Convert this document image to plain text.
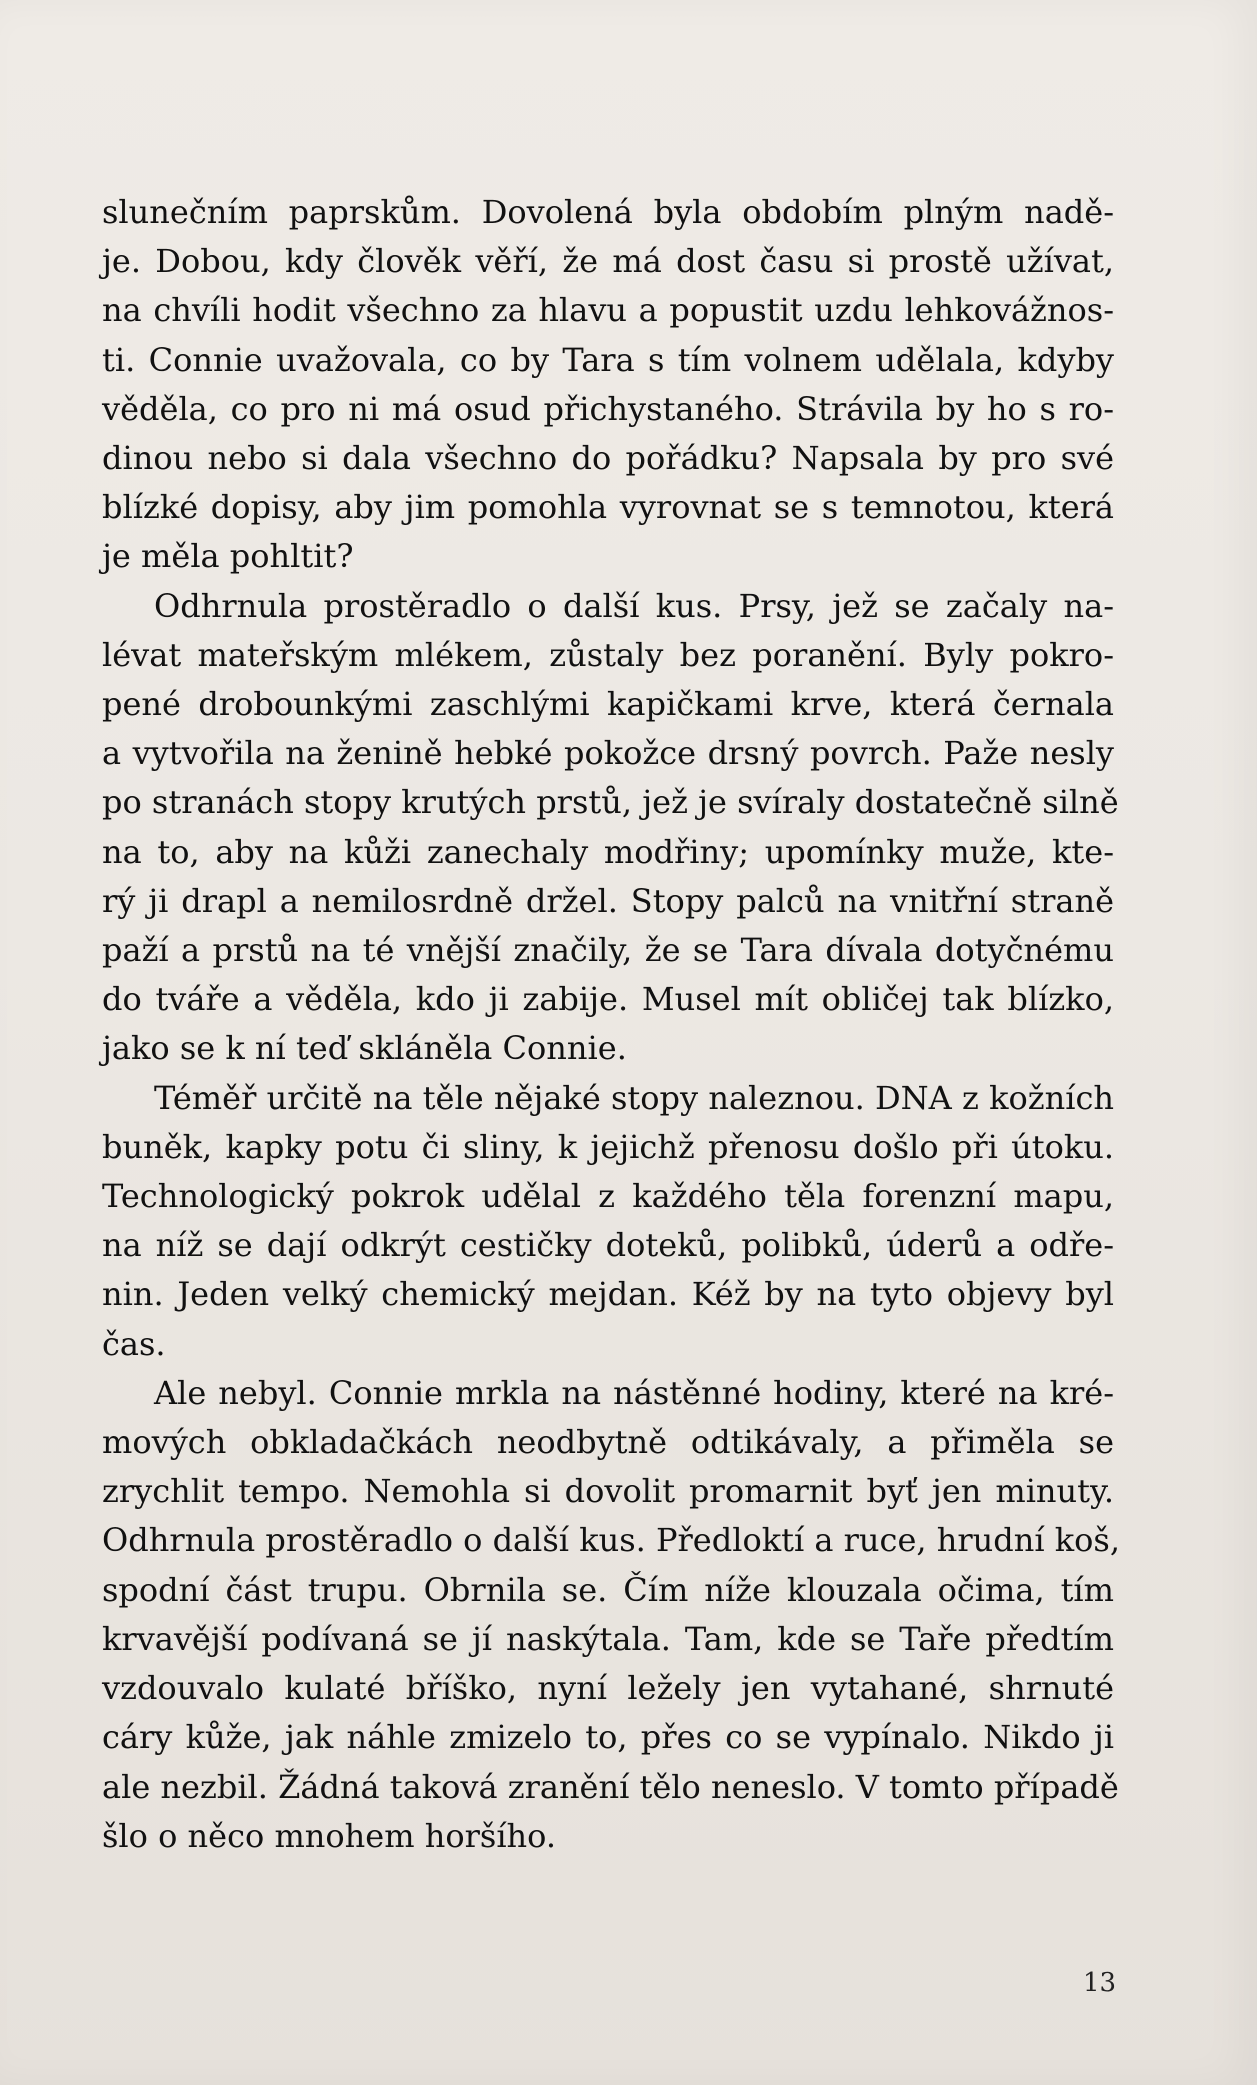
slunečním paprskům. Dovolená byla obdobím plným nadě-
je. Dobou, kdy člověk věří, že má dost času si prostě užívat,
na chvíli hodit všechno za hlavu a popustit uzdu lehkovážnos-
ti. Connie uvažovala, co by Tara s tím volnem udělala, kdyby
věděla, co pro ni má osud přichystaného. Strávila by ho s ro-
dinou nebo si dala všechno do pořádku? Napsala by pro své
blízké dopisy, aby jim pomohla vyrovnat se s temnotou, která
je měla pohltit?
Odhrnula prostěradlo o další kus. Prsy, jež se začaly na-
lévat mateřským mlékem, zůstaly bez poranění. Byly pokro-
pené drobounkými zaschlými kapičkami krve, která černala
a vytvořila na ženině hebké pokožce drsný povrch. Paže nesly
po stranách stopy krutých prstů, jež je svíraly dostatečně silně
na to, aby na kůži zanechaly modřiny; upomínky muže, kte-
rý ji drapl a nemilosrdně držel. Stopy palců na vnitřní straně
paží a prstů na té vnější značily, že se Tara dívala dotyčnému
do tváře a věděla, kdo ji zabije. Musel mít obličej tak blízko,
jako se k ní teď skláněla Connie.
Téměř určitě na těle nějaké stopy naleznou. DNA z kožních
buněk, kapky potu či sliny, k jejichž přenosu došlo při útoku.
Technologický pokrok udělal z každého těla forenzní mapu,
na níž se dají odkrýt cestičky doteků, polibků, úderů a odře-
nin. Jeden velký chemický mejdan. Kéž by na tyto objevy byl
čas.
Ale nebyl. Connie mrkla na nástěnné hodiny, které na kré-
mových obkladačkách neodbytně odtikávaly, a přiměla se
zrychlit tempo. Nemohla si dovolit promarnit byť jen minuty.
Odhrnula prostěradlo o další kus. Předloktí a ruce, hrudní koš,
spodní část trupu. Obrnila se. Čím níže klouzala očima, tím
krvavější podívaná se jí naskýtala. Tam, kde se Taře předtím
vzdouvalo kulaté bříško, nyní ležely jen vytahané, shrnuté
cáry kůže, jak náhle zmizelo to, přes co se vypínalo. Nikdo ji
ale nezbil. Žádná taková zranění tělo neneslo. V tomto případě
šlo o něco mnohem horšího.
13
